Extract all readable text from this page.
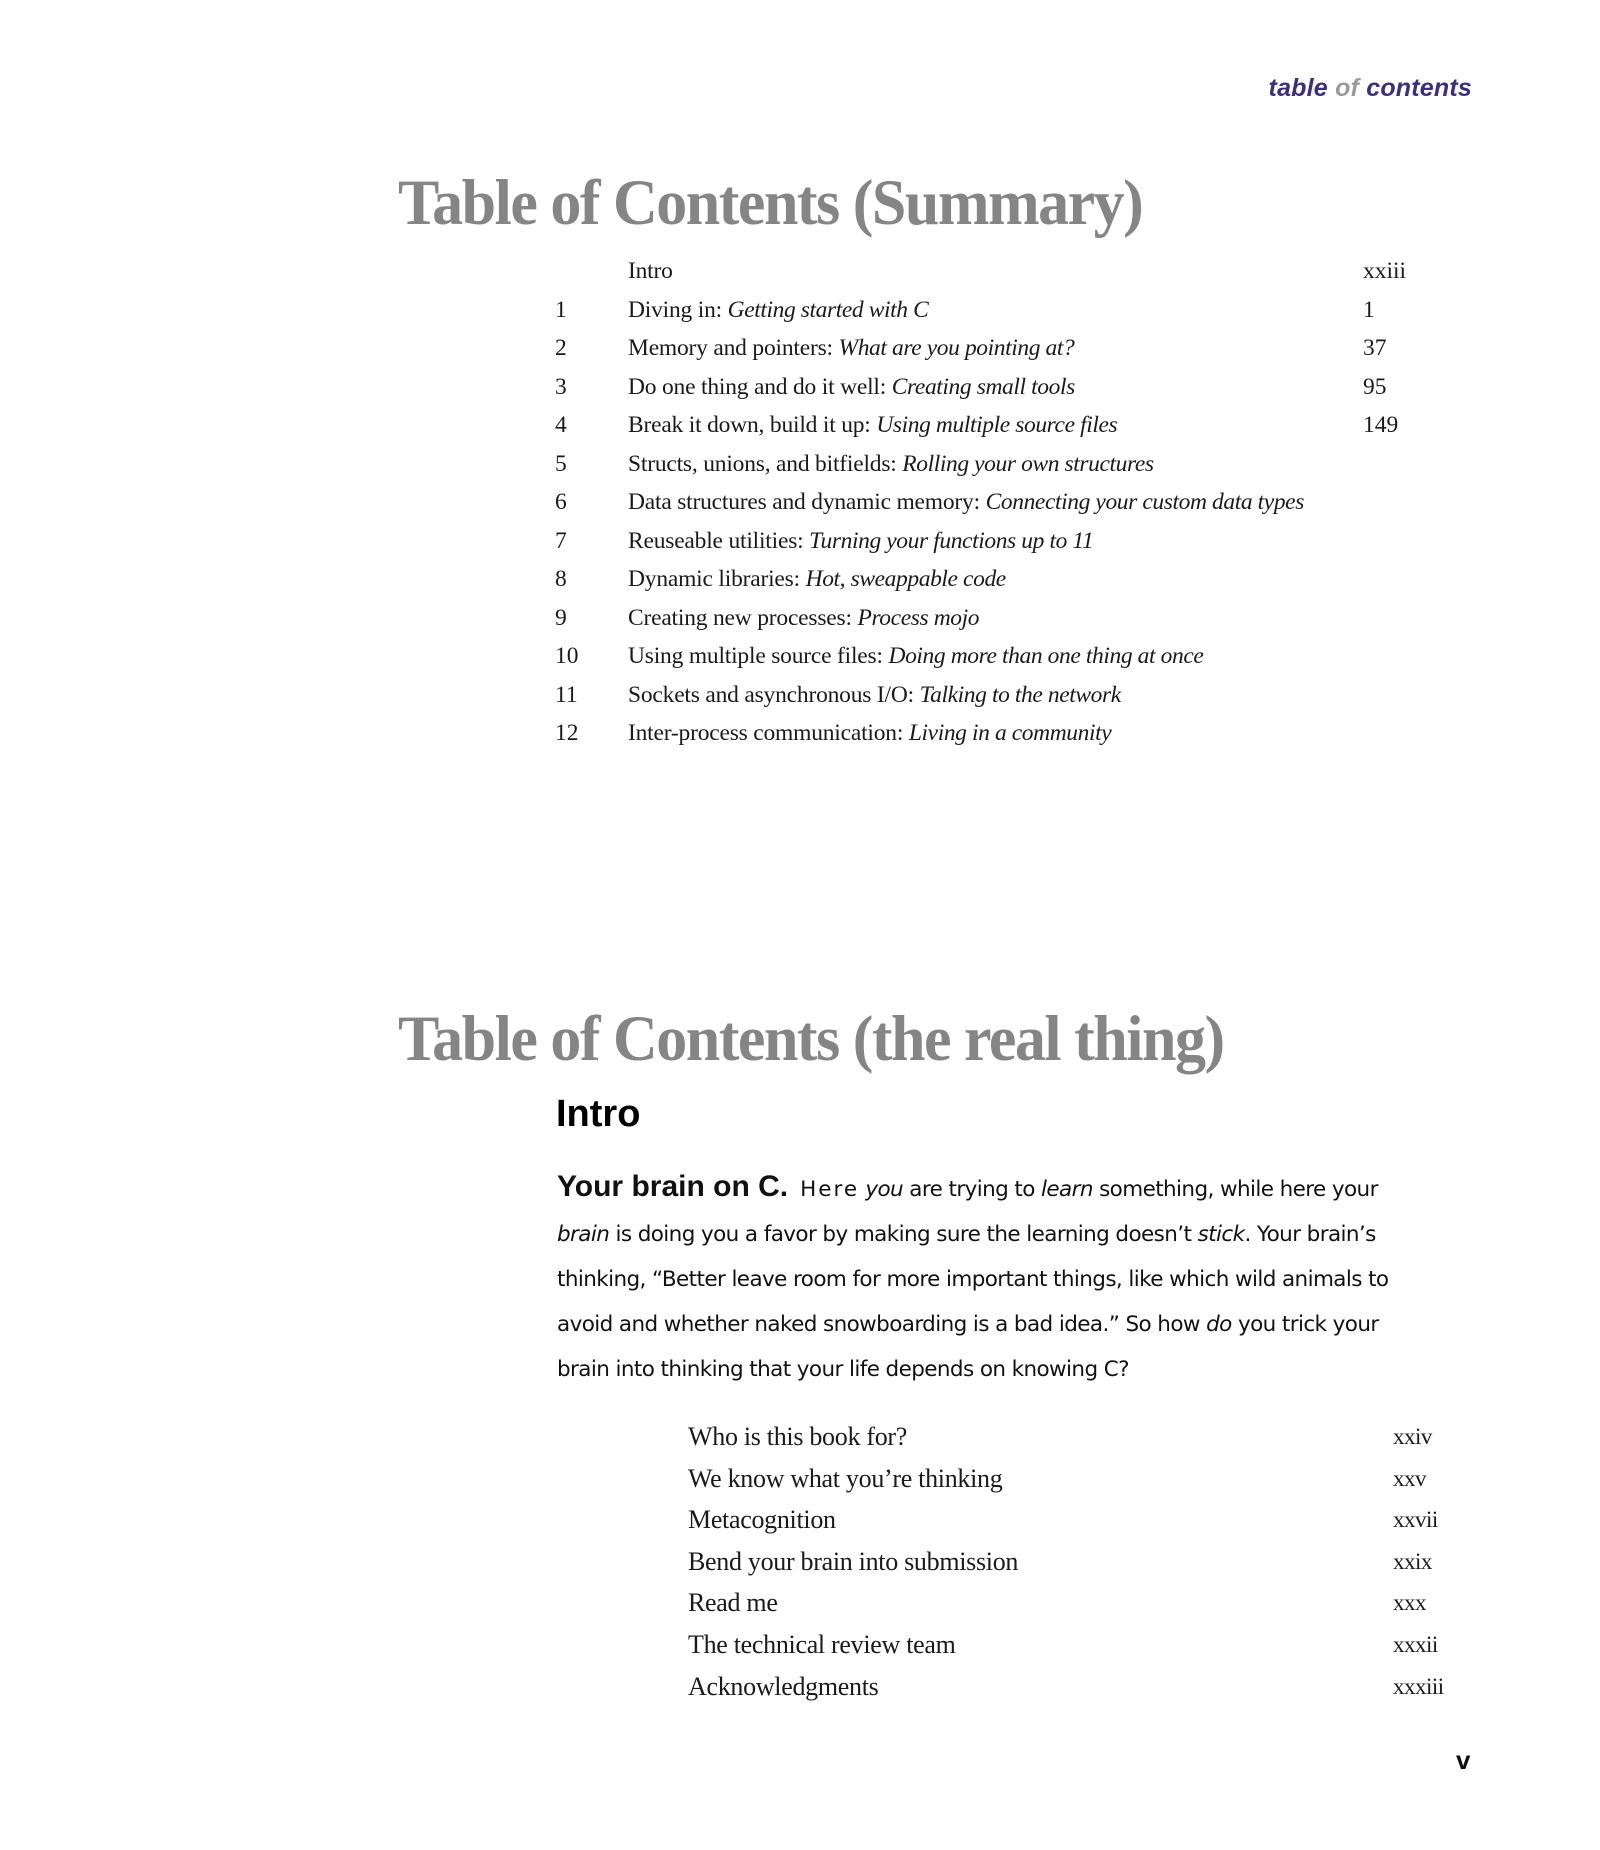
table of contents
Table of Contents (Summary)
Intro	xxiii
1	Diving in: Getting started with C	1
2	Memory and pointers: What are you pointing at?	37
3	Do one thing and do it well: Creating small tools	95
4	Break it down, build it up: Using multiple source files	149
5	Structs, unions, and bitfields: Rolling your own structures
6	Data structures and dynamic memory: Connecting your custom data types
7	Reuseable utilities: Turning your functions up to 11
8	Dynamic libraries: Hot, sweappable code
9	Creating new processes: Process mojo
10 Using multiple source files: Doing more than one thing at once
11 Sockets and asynchronous I/O: Talking to the network
12 Inter-process communication: Living in a community
Table of Contents (the real thing)
Intro
Your brain on C. Here you are trying to learn something, while here your
brain is doing you a favor by making sure the learning doesn’t stick. Your brain’s
thinking, “Better leave room for more important things, like which wild animals to
avoid and whether naked snowboarding is a bad idea.” So how do you trick your
brain into thinking that your life depends on knowing C?
Who is this book for?	xxiv
We know what you’re thinking	xxv
Metacognition	xxvii
Bend your brain into submission	xxix
Read me	xxx
The technical review team	xxxii
Acknowledgments	xxxiii
v
